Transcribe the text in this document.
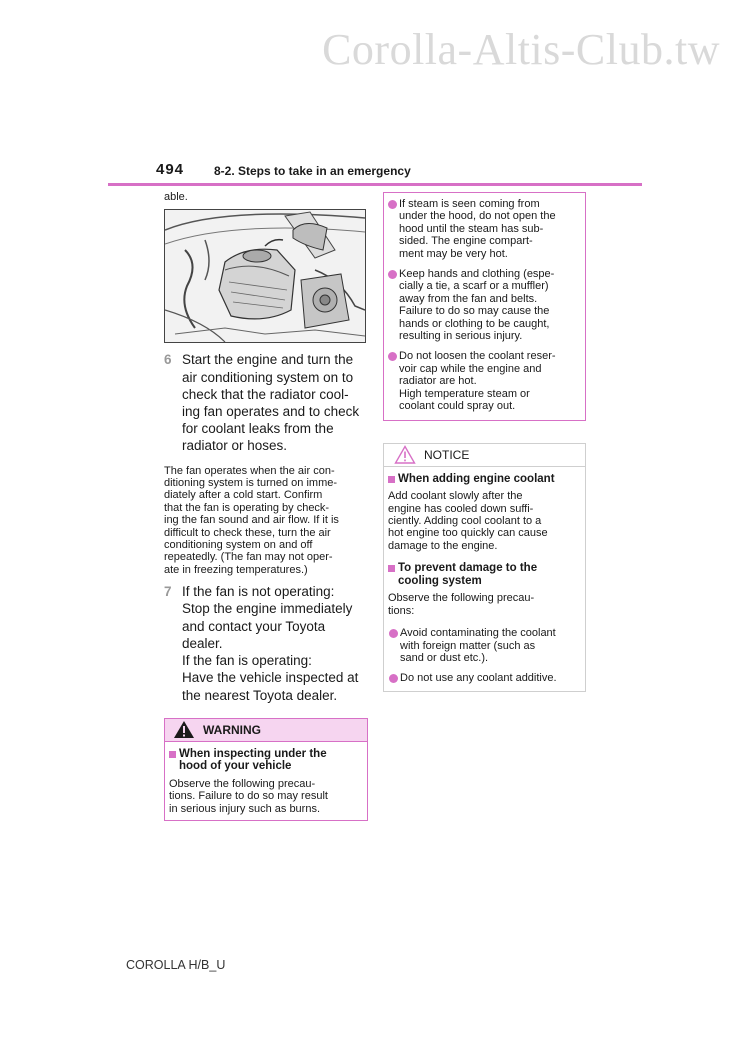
Corolla-Altis-Club.tw
494 8-2. Steps to take in an emergency

able.

6 Start the engine and turn the
air conditioning system on to
check that the radiator cool-
ing fan operates and to check
for coolant leaks from the
radiator or hoses.
The fan operates when the air con-
ditioning system is turned on imme-
diately after a cold start. Confirm
that the fan is operating by check-
ing the fan sound and air flow. If it is
difficult to check these, turn the air
conditioning system on and off
repeatedly. (The fan may not oper-
ate in freezing temperatures.)
7 If the fan is not operating:
Stop the engine immediately
and contact your Toyota
dealer.
If the fan is operating:
Have the vehicle inspected at
the nearest Toyota dealer.
WARNING
When inspecting under the
hood of your vehicle
Observe the following precau-
tions. Failure to do so may result
in serious injury such as burns.
If steam is seen coming from
under the hood, do not open the
hood until the steam has sub-
sided. The engine compart-
ment may be very hot.
Keep hands and clothing (espe-
cially a tie, a scarf or a muffler)
away from the fan and belts.
Failure to do so may cause the
hands or clothing to be caught,
resulting in serious injury.
Do not loosen the coolant reser-
voir cap while the engine and
radiator are hot.
High temperature steam or
coolant could spray out.
NOTICE
When adding engine coolant
Add coolant slowly after the
engine has cooled down suffi-
ciently. Adding cool coolant to a
hot engine too quickly can cause
damage to the engine.
To prevent damage to the
cooling system
Observe the following precau-
tions:
Avoid contaminating the coolant
with foreign matter (such as
sand or dust etc.).
Do not use any coolant additive.
COROLLA H/B_U
